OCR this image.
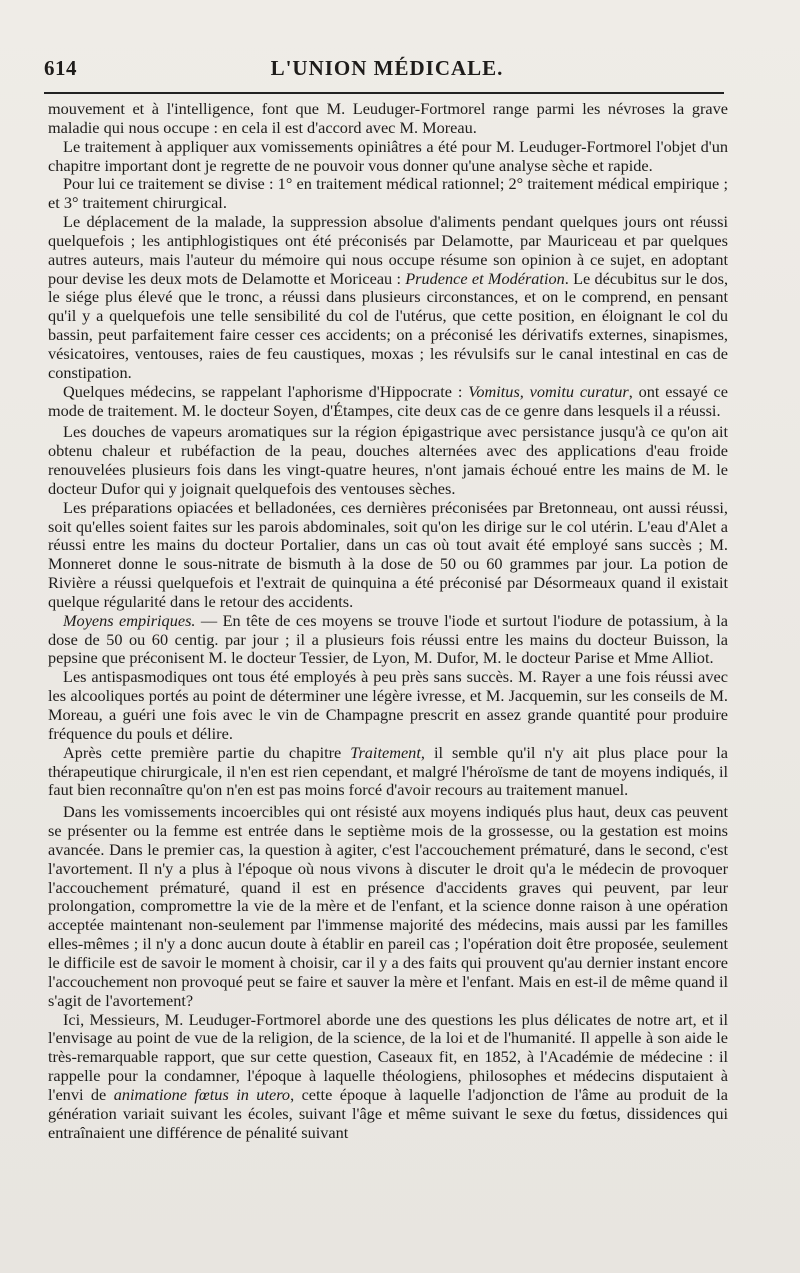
L'UNION MÉDICALE.
614

mouvement et à l'intelligence, font que M. Leuduger-Fortmorel range parmi les névroses la grave maladie qui nous occupe : en cela il est d'accord avec M. Moreau.

Le traitement à appliquer aux vomissements opiniâtres a été pour M. Leuduger-Fortmorel l'objet d'un chapitre important dont je regrette de ne pouvoir vous donner qu'une analyse sèche et rapide.

Pour lui ce traitement se divise : 1° en traitement médical rationnel; 2° traitement médical empirique ; et 3° traitement chirurgical.

Le déplacement de la malade, la suppression absolue d'aliments pendant quelques jours ont réussi quelquefois ; les antiphlogistiques ont été préconisés par Delamotte, par Mauriceau et par quelques autres auteurs, mais l'auteur du mémoire qui nous occupe résume son opinion à ce sujet, en adoptant pour devise les deux mots de Delamotte et Moriceau : Prudence et Modération. Le décubitus sur le dos, le siége plus élevé que le tronc, a réussi dans plusieurs circonstances, et on le comprend, en pensant qu'il y a quelquefois une telle sensibilité du col de l'utérus, que cette position, en éloignant le col du bassin, peut parfaitement faire cesser ces accidents; on a préconisé les dérivatifs externes, sinapismes, vésicatoires, ventouses, raies de feu caustiques, moxas ; les révulsifs sur le canal intestinal en cas de constipation.

Quelques médecins, se rappelant l'aphorisme d'Hippocrate : Vomitus, vomitu curatur, ont essayé ce mode de traitement. M. le docteur Soyen, d'Étampes, cite deux cas de ce genre dans lesquels il a réussi.

Les douches de vapeurs aromatiques sur la région épigastrique avec persistance jusqu'à ce qu'on ait obtenu chaleur et rubéfaction de la peau, douches alternées avec des applications d'eau froide renouvelées plusieurs fois dans les vingt-quatre heures, n'ont jamais échoué entre les mains de M. le docteur Dufor qui y joignait quelquefois des ventouses sèches.

Les préparations opiacées et belladonées, ces dernières préconisées par Bretonneau, ont aussi réussi, soit qu'elles soient faites sur les parois abdominales, soit qu'on les dirige sur le col utérin. L'eau d'Alet a réussi entre les mains du docteur Portalier, dans un cas où tout avait été employé sans succès ; M. Monneret donne le sous-nitrate de bismuth à la dose de 50 ou 60 grammes par jour. La potion de Rivière a réussi quelquefois et l'extrait de quinquina a été préconisé par Désormeaux quand il existait quelque régularité dans le retour des accidents.

Moyens empiriques. — En tête de ces moyens se trouve l'iode et surtout l'iodure de potassium, à la dose de 50 ou 60 centig. par jour ; il a plusieurs fois réussi entre les mains du docteur Buisson, la pepsine que préconisent M. le docteur Tessier, de Lyon, M. Dufor, M. le docteur Parise et Mme Alliot.

Les antispasmodiques ont tous été employés à peu près sans succès. M. Rayer a une fois réussi avec les alcooliques portés au point de déterminer une légère ivresse, et M. Jacquemin, sur les conseils de M. Moreau, a guéri une fois avec le vin de Champagne prescrit en assez grande quantité pour produire fréquence du pouls et délire.

Après cette première partie du chapitre Traitement, il semble qu'il n'y ait plus place pour la thérapeutique chirurgicale, il n'en est rien cependant, et malgré l'héroïsme de tant de moyens indiqués, il faut bien reconnaître qu'on n'en est pas moins forcé d'avoir recours au traitement manuel.

Dans les vomissements incoercibles qui ont résisté aux moyens indiqués plus haut, deux cas peuvent se présenter ou la femme est entrée dans le septième mois de la grossesse, ou la gestation est moins avancée. Dans le premier cas, la question à agiter, c'est l'accouchement prématuré, dans le second, c'est l'avortement. Il n'y a plus à l'époque où nous vivons à discuter le droit qu'a le médecin de provoquer l'accouchement prématuré, quand il est en présence d'accidents graves qui peuvent, par leur prolongation, compromettre la vie de la mère et de l'enfant, et la science donne raison à une opération acceptée maintenant non-seulement par l'immense majorité des médecins, mais aussi par les familles elles-mêmes ; il n'y a donc aucun doute à établir en pareil cas ; l'opération doit être proposée, seulement le difficile est de savoir le moment à choisir, car il y a des faits qui prouvent qu'au dernier instant encore l'accouchement non provoqué peut se faire et sauver la mère et l'enfant. Mais en est-il de même quand il s'agit de l'avortement?

Ici, Messieurs, M. Leuduger-Fortmorel aborde une des questions les plus délicates de notre art, et il l'envisage au point de vue de la religion, de la science, de la loi et de l'humanité. Il appelle à son aide le très-remarquable rapport, que sur cette question, Caseaux fit, en 1852, à l'Académie de médecine : il rappelle pour la condamner, l'époque à laquelle théologiens, philosophes et médecins disputaient à l'envi de animatione fœtus in utero, cette époque à laquelle l'adjonction de l'âme au produit de la génération variait suivant les écoles, suivant l'âge et même suivant le sexe du fœtus, dissidences qui entraînaient une différence de pénalité suivant
